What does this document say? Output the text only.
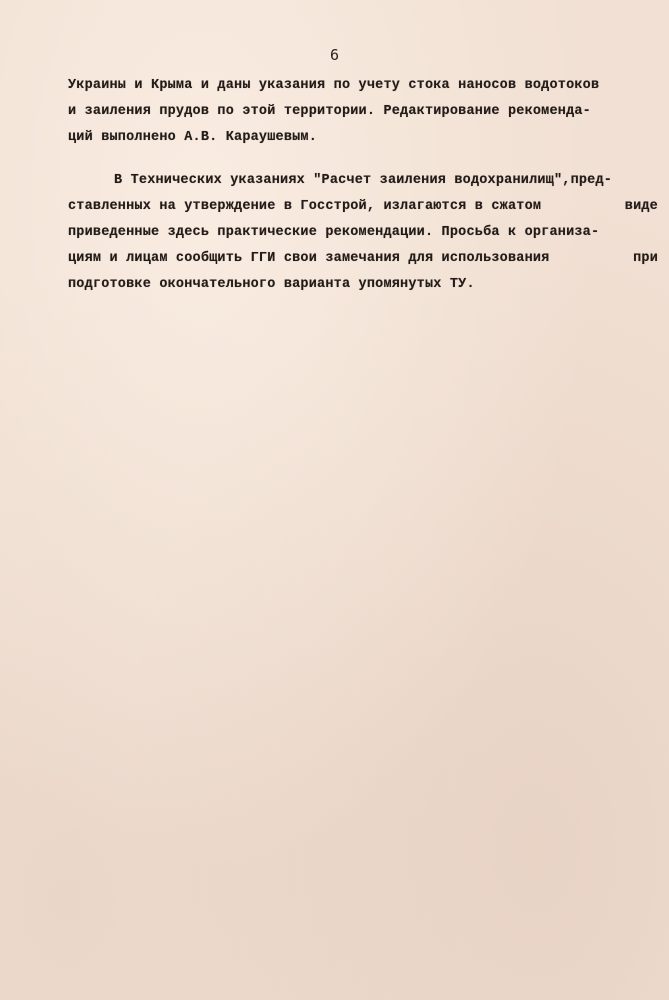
6
Украины и Крыма и даны указания по учету стока наносов водотоков
и заиления прудов по этой территории. Редактирование рекоменда-
ций выполнено А.В. Караушевым.
В Технических указаниях "Расчет заиления водохранилищ",пред-
ставленных на утверждение в Госстрой, излагаются в сжатом	виде
приведенные здесь практические рекомендации. Просьба к организа-
циям и лицам сообщить ГГИ свои замечания для использования	при
подготовке окончательного варианта упомянутых ТУ.
